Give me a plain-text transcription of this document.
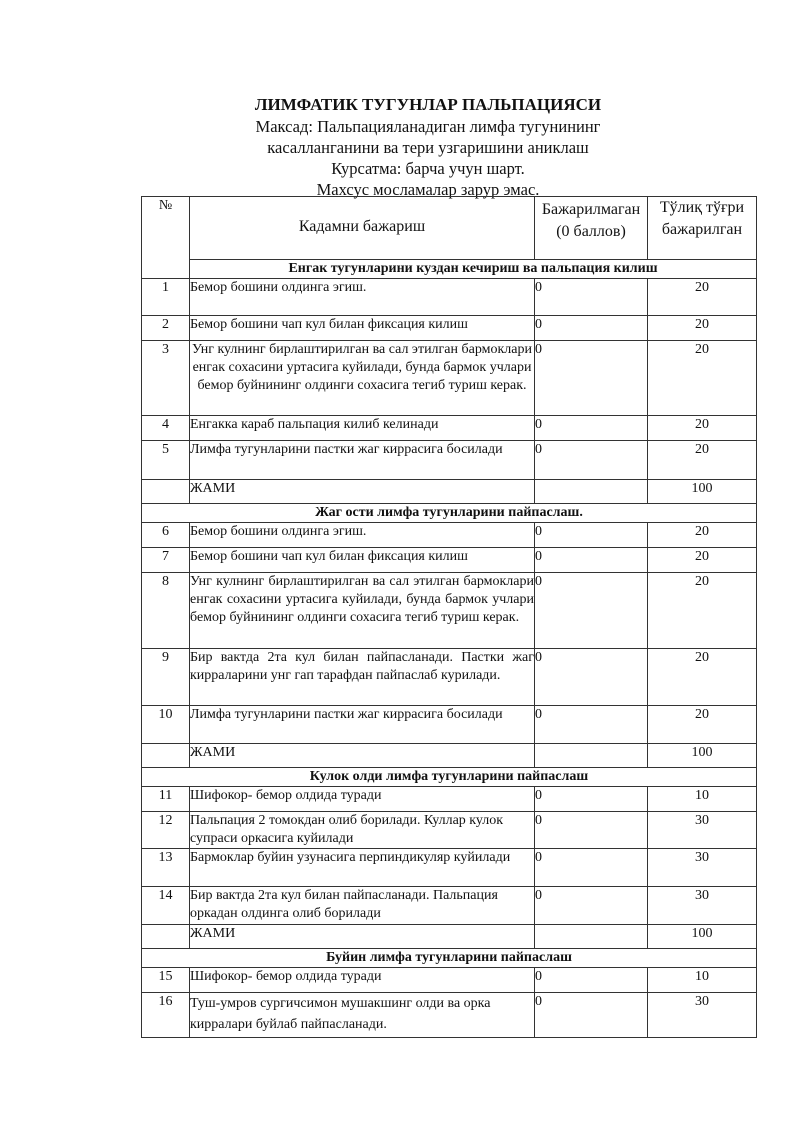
ЛИМФАТИК ТУГУНЛАР ПАЛЬПАЦИЯСИ
Максад: Пальпацияланадиган лимфа тугунининг
касалланганини ва тери узгаришини аниклаш
Курсатма: барча учун шарт.
Махсус мосламалар зарур эмас.
№	Кадамни бажариш	Бажарилмаган (0 баллов)	Тўлиқ тўғри бажарилган

	Енгак тугунларини куздан кечириш ва пальпация килиш		
1	Бемор бошини олдинга эгиш.	0	20
2	Бемор бошини чап кул билан фиксация килиш	0	20
3	Унг кулнинг бирлаштирилган ва сал этилган бармоклари енгак сохасини уртасига куйилади, бунда бармок учлари бемор буйнининг олдинги сохасига тегиб туриш керак.	0	20
4	Енгакка караб пальпация килиб келинади	0	20
5	Лимфа тугунларини пастки жаг киррасига босилади	0	20
	ЖАМИ		100
Жаг ости лимфа тугунларини пайпаслаш.			
6	Бемор бошини олдинга эгиш.	0	20
7	Бемор бошини чап кул билан фиксация килиш	0	20
8	Унг кулнинг бирлаштирилган ва сал этилган бармоклари енгак сохасини уртасига куйилади, бунда бармок учлари бемор буйнининг олдинги сохасига тегиб туриш керак.	0	20
9	Бир вактда 2та кул билан пайпасланади. Пастки жаг кирраларини унг гап тарафдан пайпаслаб курилади.	0	20
10	Лимфа тугунларини пастки жаг киррасига босилади	0	20
	ЖАМИ		100
Кулок олди лимфа тугунларини пайпаслаш			
11	Шифокор- бемор олдида туради	0	10
12	Пальпация 2 томокдан олиб борилади. Куллар кулок супраси оркасига куйилади	0	30
13	Бармоклар буйин узунасига перпиндикуляр куйилади	0	30
14	Бир вактда 2та кул билан пайпасланади. Пальпация оркадан олдинга олиб борилади	0	30
	ЖАМИ		100
Буйин лимфа тугунларини пайпаслаш			
15	Шифокор- бемор олдида туради	0	10
16	Туш-умров сургичсимон мушакшинг олди ва орка кирралари буйлаб пайпасланади.	0	30
